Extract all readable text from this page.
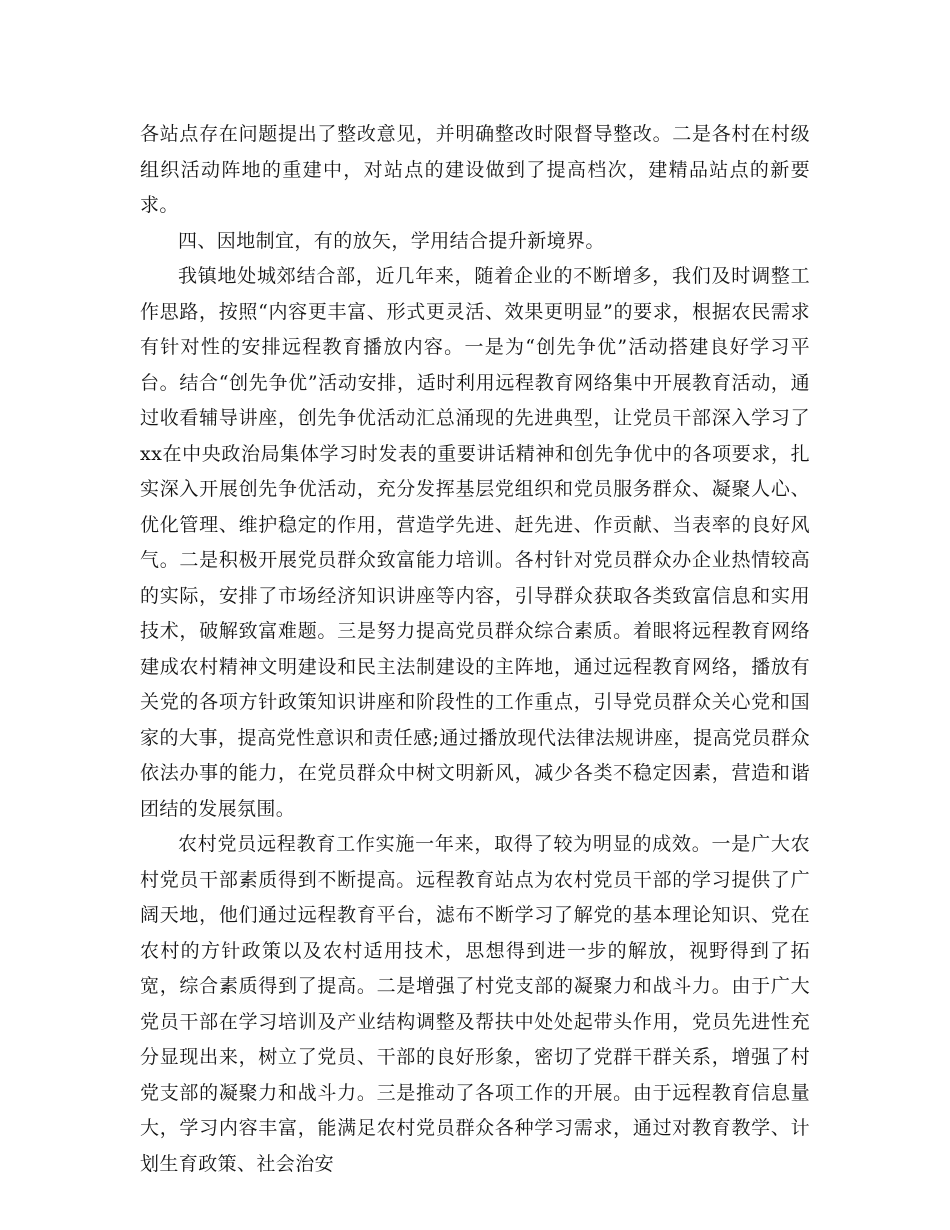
各站点存在问题提出了整改意见，并明确整改时限督导整改。二是各村在村级组织活动阵地的重建中，对站点的建设做到了提高档次，建精品站点的新要求。

四、因地制宜，有的放矢，学用结合提升新境界。

我镇地处城郊结合部，近几年来，随着企业的不断增多，我们及时调整工作思路，按照“内容更丰富、形式更灵活、效果更明显”的要求，根据农民需求有针对性的安排远程教育播放内容。一是为“创先争优”活动搭建良好学习平台。结合“创先争优”活动安排，适时利用远程教育网络集中开展教育活动，通过收看辅导讲座，创先争优活动汇总涌现的先进典型，让党员干部深入学习了xx在中央政治局集体学习时发表的重要讲话精神和创先争优中的各项要求，扎实深入开展创先争优活动，充分发挥基层党组织和党员服务群众、凝聚人心、优化管理、维护稳定的作用，营造学先进、赶先进、作贡献、当表率的良好风气。二是积极开展党员群众致富能力培训。各村针对党员群众办企业热情较高的实际，安排了市场经济知识讲座等内容，引导群众获取各类致富信息和实用技术，破解致富难题。三是努力提高党员群众综合素质。着眼将远程教育网络建成农村精神文明建设和民主法制建设的主阵地，通过远程教育网络，播放有关党的各项方针政策知识讲座和阶段性的工作重点，引导党员群众关心党和国家的大事，提高党性意识和责任感;通过播放现代法律法规讲座，提高党员群众依法办事的能力，在党员群众中树文明新风，减少各类不稳定因素，营造和谐团结的发展氛围。

农村党员远程教育工作实施一年来，取得了较为明显的成效。一是广大农村党员干部素质得到不断提高。远程教育站点为农村党员干部的学习提供了广阔天地，他们通过远程教育平台，滤布不断学习了解党的基本理论知识、党在农村的方针政策以及农村适用技术，思想得到进一步的解放，视野得到了拓宽，综合素质得到了提高。二是增强了村党支部的凝聚力和战斗力。由于广大党员干部在学习培训及产业结构调整及帮扶中处处起带头作用，党员先进性充分显现出来，树立了党员、干部的良好形象，密切了党群干群关系，增强了村党支部的凝聚力和战斗力。三是推动了各项工作的开展。由于远程教育信息量大，学习内容丰富，能满足农村党员群众各种学习需求，通过对教育教学、计划生育政策、社会治安
